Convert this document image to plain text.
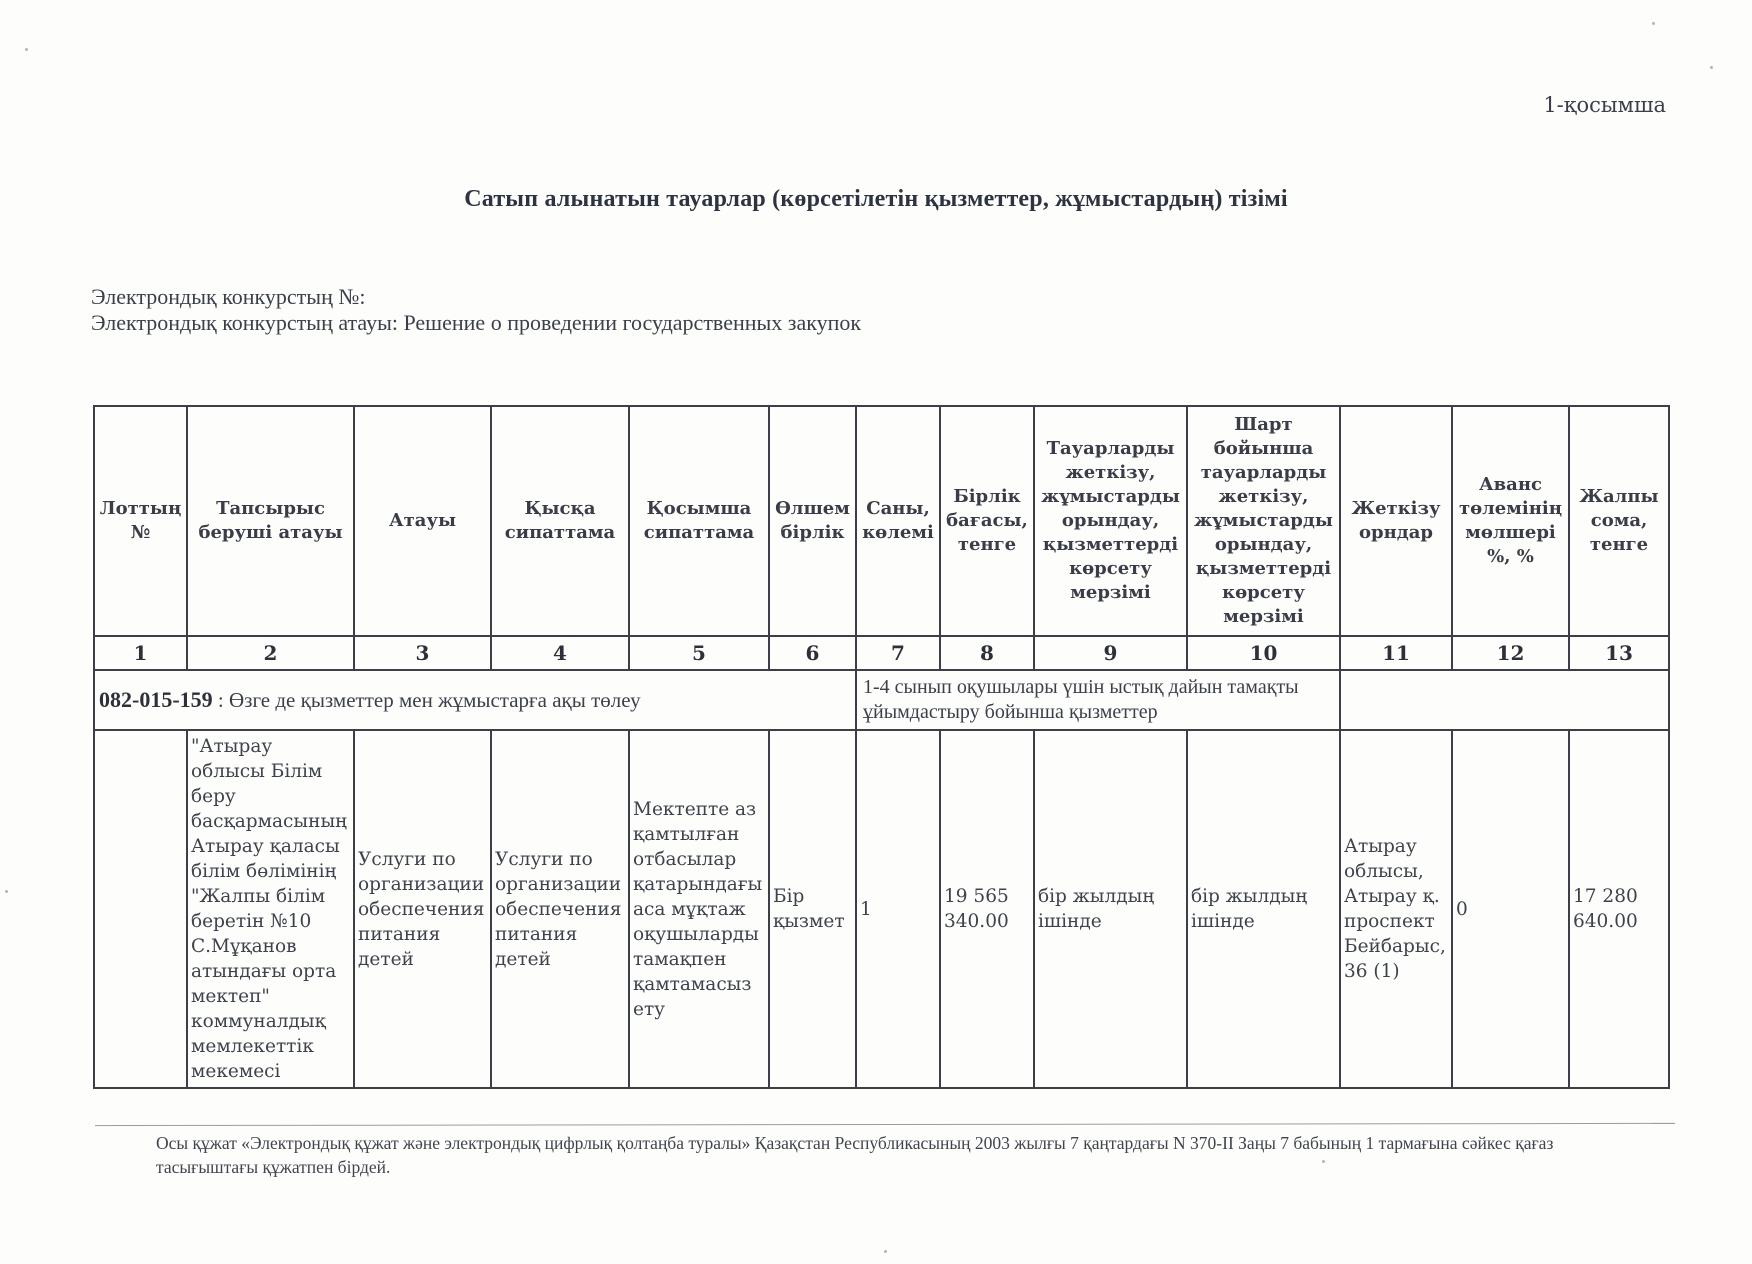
1-қосымша
Сатып алынатын тауарлар (көрсетілетін қызметтер, жұмыстардың) тізімі
Электрондық конкурстың №:
Электрондық конкурстың атауы: Решение о проведении государственных закупок
Лоттың №	Тапсырыс беруші атауы	Атауы	Қысқа сипаттама	Қосымша сипаттама	Өлшем бірлік	Саны, көлемі	Бірлік бағасы, тенге	Тауарларды жеткізу, жұмыстарды орындау, қызметтерді көрсету мерзімі	Шарт бойынша тауарларды жеткізу, жұмыстарды орындау, қызметтерді көрсету мерзімі	Жеткізу орндар	Аванс төлемінің мөлшері %, %	Жалпы сома, тенге
1	2	3	4	5	6	7	8	9	10	11	12	13
082-015-159 : Өзге де қызметтер мен жұмыстарға ақы төлеу						1-4 сынып оқушылары үшін ыстық дайын тамақты ұйымдастыру бойынша қызметтер						
	"Атырау облысы Білім беру басқармасының Атырау қаласы білім бөлімінің "Жалпы білім беретін №10 С.Мұқанов атындағы орта мектеп" коммуналдық мемлекеттік мекемесі	Услуги по организации обеспечения питания детей	Услуги по организации обеспечения питания детей	Мектепте аз қамтылған отбасылар қатарындағы аса мұқтаж оқушыларды тамақпен қамтамасыз ету	Бір қызмет	1	19 565 340.00	бір жылдың ішінде	бір жылдың ішінде	Атырау облысы, Атырау қ. проспект Бейбарыс, 36 (1)	0	17 280 640.00
Осы құжат «Электрондық құжат және электрондық цифрлық қолтаңба туралы» Қазақстан Республикасының 2003 жылғы 7 қаңтардағы N 370-II Заңы 7 бабының 1 тармағына сәйкес қағаз тасығыштағы құжатпен бірдей.
